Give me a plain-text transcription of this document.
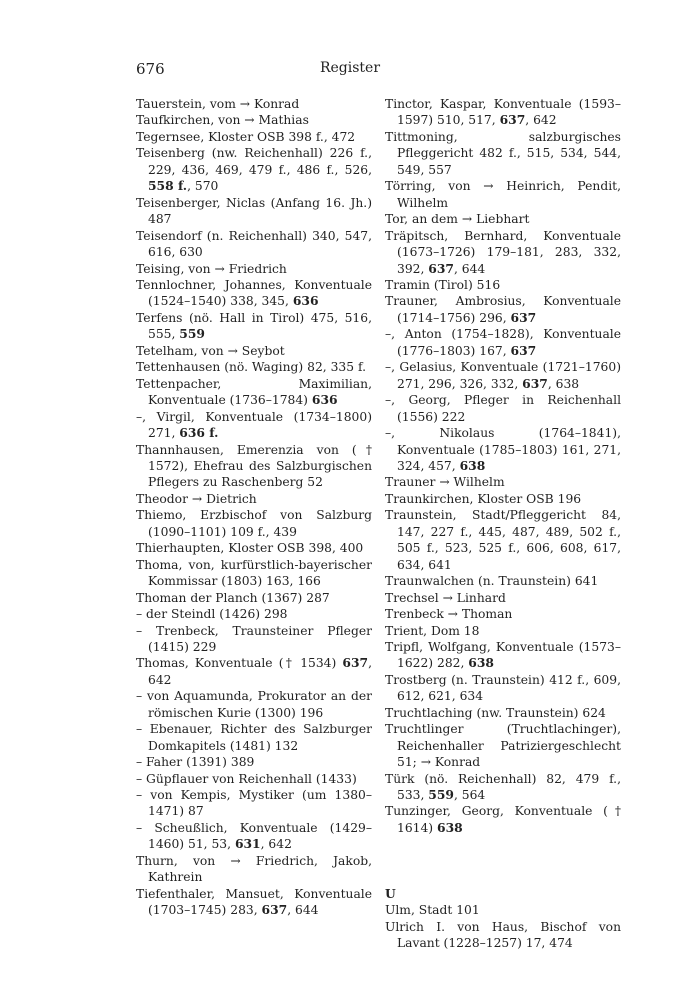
676	Register
Tauerstein, vom → Konrad
Taufkirchen, von → Mathias
Tegernsee, Kloster OSB 398 f., 472
Teisenberg (nw. Reichenhall) 226 f., 229, 436, 469, 479 f., 486 f., 526, 558 f., 570
Teisenberger, Niclas (Anfang 16. Jh.) 487
Teisendorf (n. Reichenhall) 340, 547, 616, 630
Teising, von → Friedrich
Tennlochner, Johannes, Konventuale (1524–1540) 338, 345, 636
Terfens (nö. Hall in Tirol) 475, 516, 555, 559
Tetelham, von → Seybot
Tettenhausen (nö. Waging) 82, 335 f.
Tettenpacher, Maximilian, Konventuale (1736–1784) 636
–, Virgil, Konventuale (1734–1800) 271, 636 f.
Thannhausen, Emerenzia von († 1572), Ehefrau des Salzburgischen Pflegers zu Raschenberg 52
Theodor → Dietrich
Thiemo, Erzbischof von Salzburg (1090–1101) 109 f., 439
Thierhaupten, Kloster OSB 398, 400
Thoma, von, kurfürstlich-bayerischer Kommissar (1803) 163, 166
Thoman der Planch (1367) 287
– der Steindl (1426) 298
– Trenbeck, Traunsteiner Pfleger (1415) 229
Thomas, Konventuale († 1534) 637, 642
– von Aquamunda, Prokurator an der römischen Kurie (1300) 196
– Ebenauer, Richter des Salzburger Domkapitels (1481) 132
– Faher (1391) 389
– Güpflauer von Reichenhall (1433)
– von Kempis, Mystiker (um 1380–1471) 87
– Scheußlich, Konventuale (1429–1460) 51, 53, 631, 642
Thurn, von → Friedrich, Jakob, Kathrein
Tiefenthaler, Mansuet, Konventuale (1703–1745) 283, 637, 644
Tinctor, Kaspar, Konventuale (1593–1597) 510, 517, 637, 642
Tittmoning, salzburgisches Pfleggericht 482 f., 515, 534, 544, 549, 557
Törring, von → Heinrich, Pendit, Wilhelm
Tor, an dem → Liebhart
Träpitsch, Bernhard, Konventuale (1673–1726) 179–181, 283, 332, 392, 637, 644
Tramin (Tirol) 516
Trauner, Ambrosius, Konventuale (1714–1756) 296, 637
–, Anton (1754–1828), Konventuale (1776–1803) 167, 637
–, Gelasius, Konventuale (1721–1760) 271, 296, 326, 332, 637, 638
–, Georg, Pfleger in Reichenhall (1556) 222
–, Nikolaus (1764–1841), Konventuale (1785–1803) 161, 271, 324, 457, 638
Trauner → Wilhelm
Traunkirchen, Kloster OSB 196
Traunstein, Stadt/Pfleggericht 84, 147, 227 f., 445, 487, 489, 502 f., 505 f., 523, 525 f., 606, 608, 617, 634, 641
Traunwalchen (n. Traunstein) 641
Trechsel → Linhard
Trenbeck → Thoman
Trient, Dom 18
Tripfl, Wolfgang, Konventuale (1573–1622) 282, 638
Trostberg (n. Traunstein) 412 f., 609, 612, 621, 634
Truchtlaching (nw. Traunstein) 624
Truchtlinger (Truchtlachinger), Reichenhaller Patriziergeschlecht 51; → Konrad
Türk (nö. Reichenhall) 82, 479 f., 533, 559, 564
Tunzinger, Georg, Konventuale († 1614) 638
U
Ulm, Stadt 101
Ulrich I. von Haus, Bischof von Lavant (1228–1257) 17, 474
